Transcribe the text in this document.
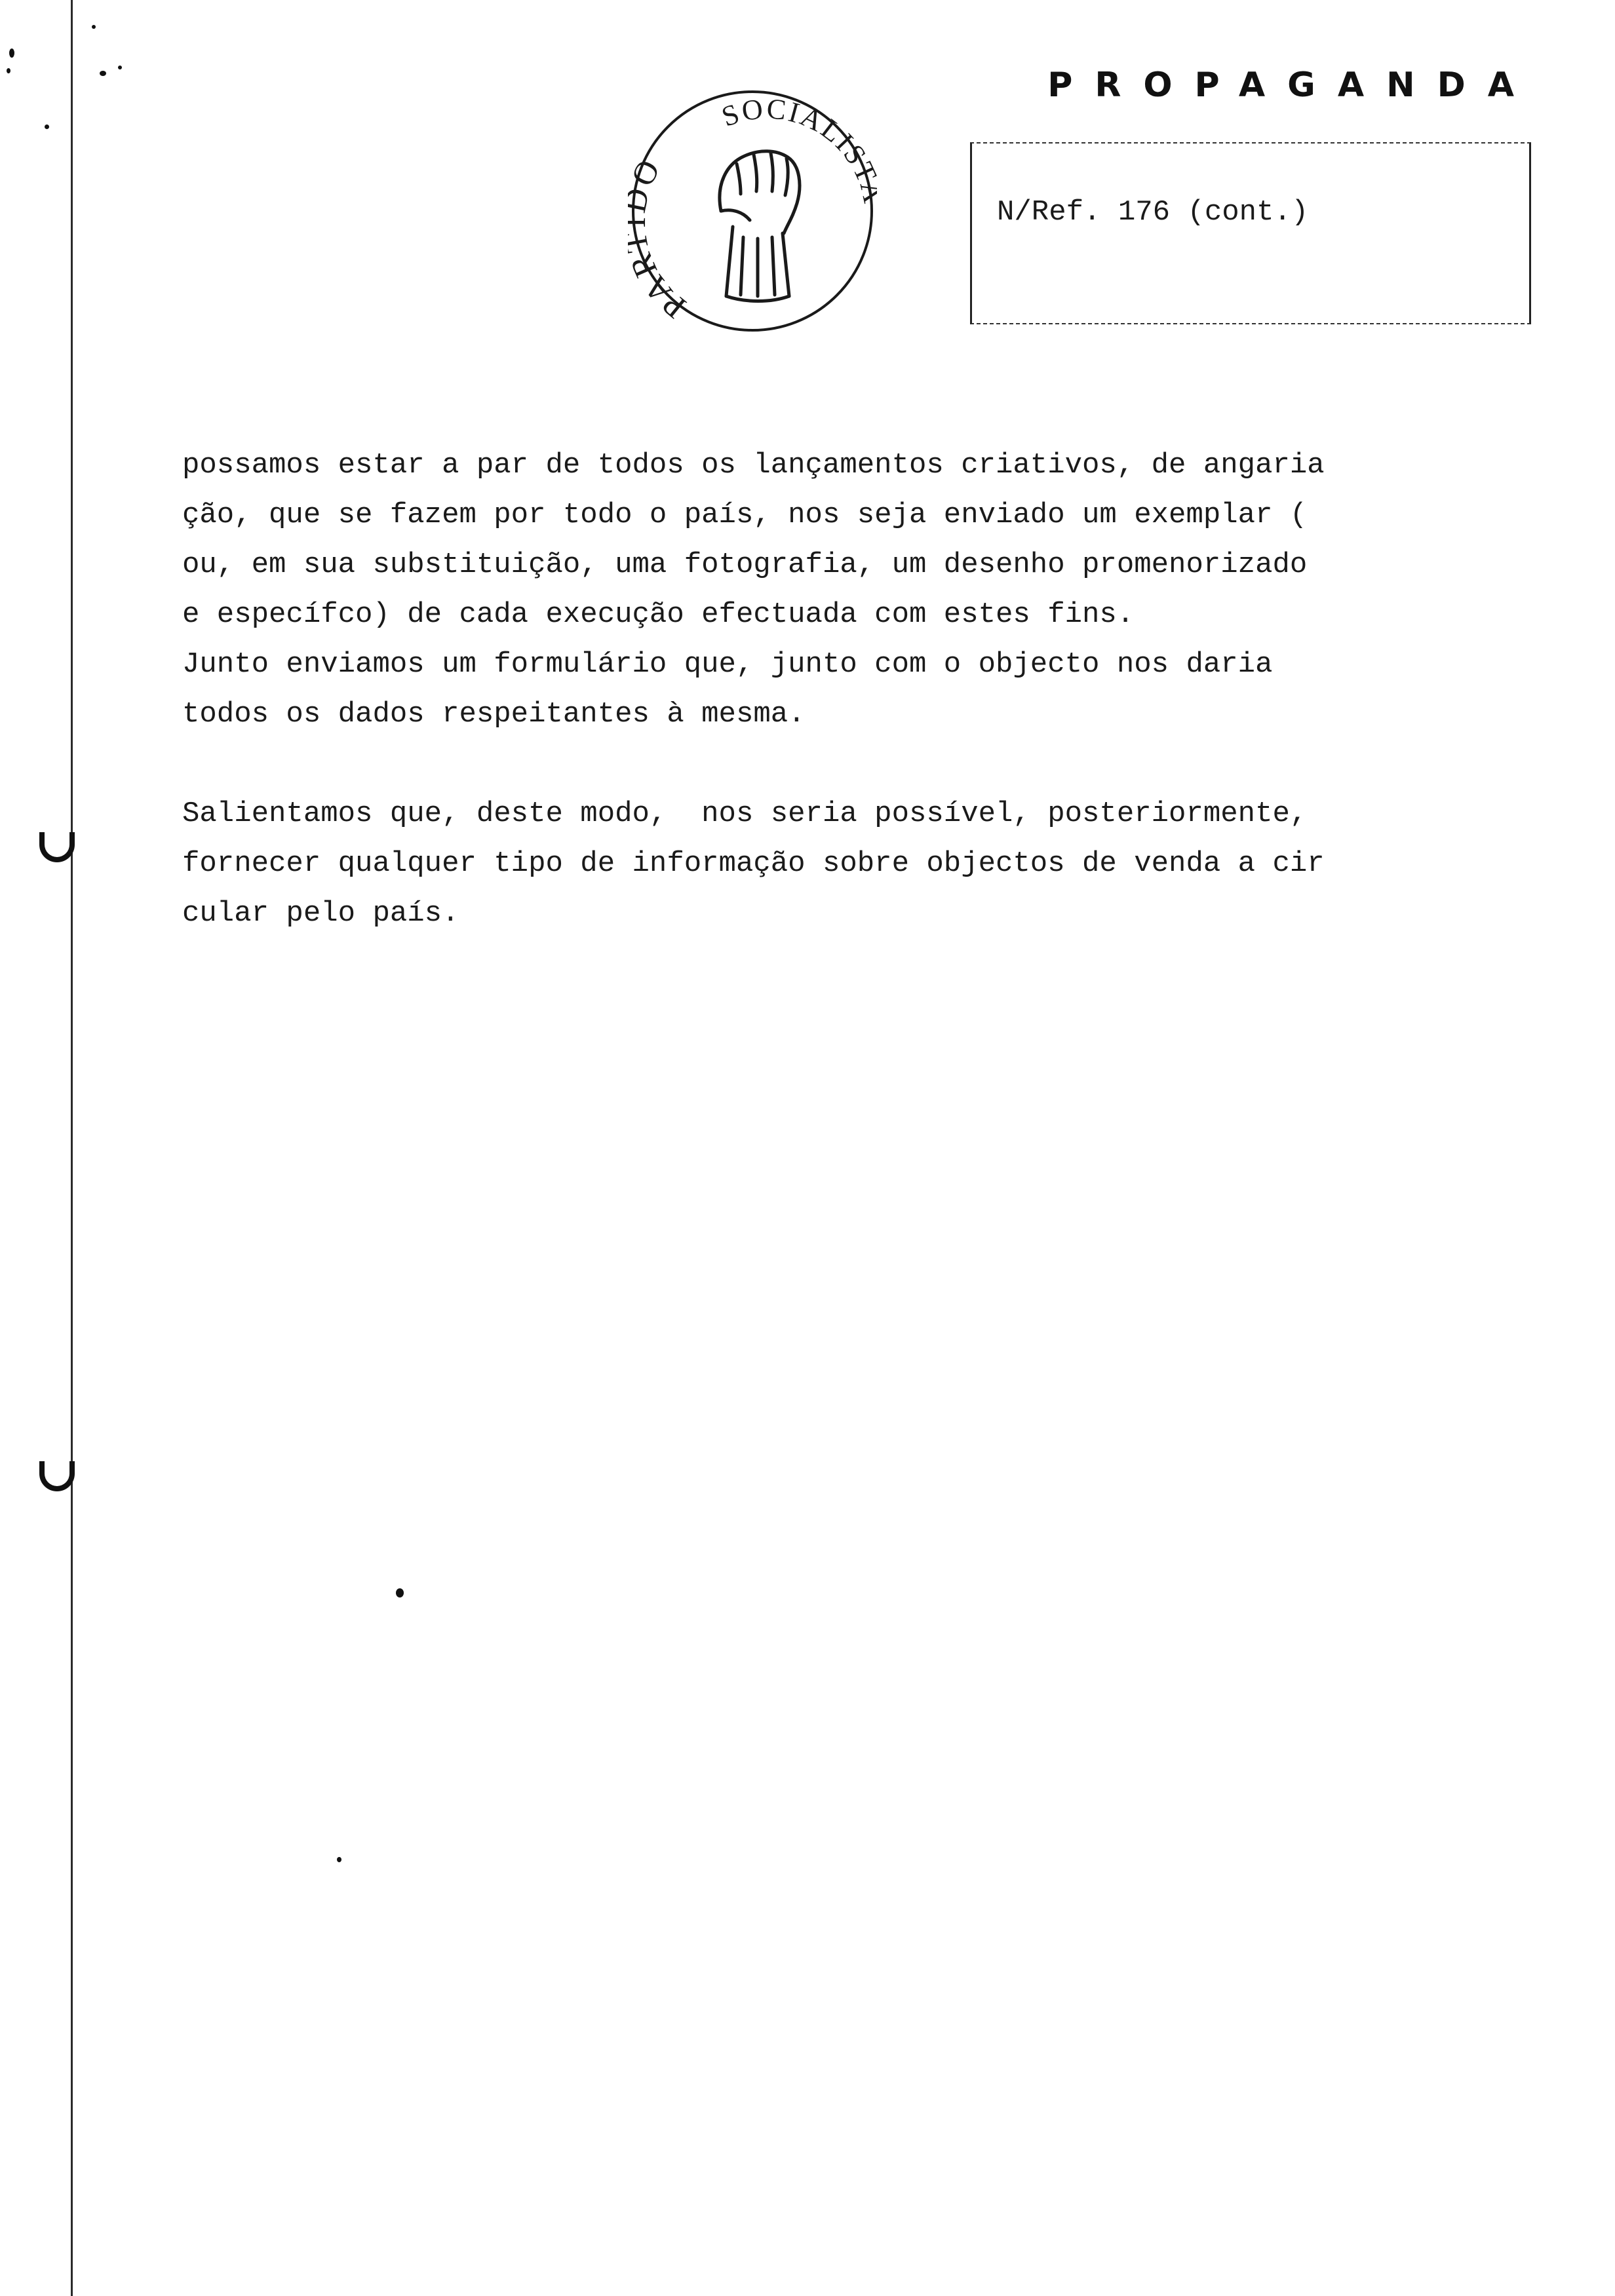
PROPAGANDA
PA
SOCIALIS
N/Ref. 176 (cont.)

possamos estar a par de todos os lançamentos criativos, de angaria
ção, que se fazem por todo o país, nos seja enviado um exemplar (
ou, em sua substituição, uma fotografia, um desenho promenorizado
e específco) de cada execução efectuada com estes fins.
Junto enviamos um formulário que, junto com o objecto nos daria
todos os dados respeitantes à mesma.

Salientamos que, deste modo,  nos seria possível, posteriormente,
fornecer qualquer tipo de informação sobre objectos de venda a cir
cular pelo país.
